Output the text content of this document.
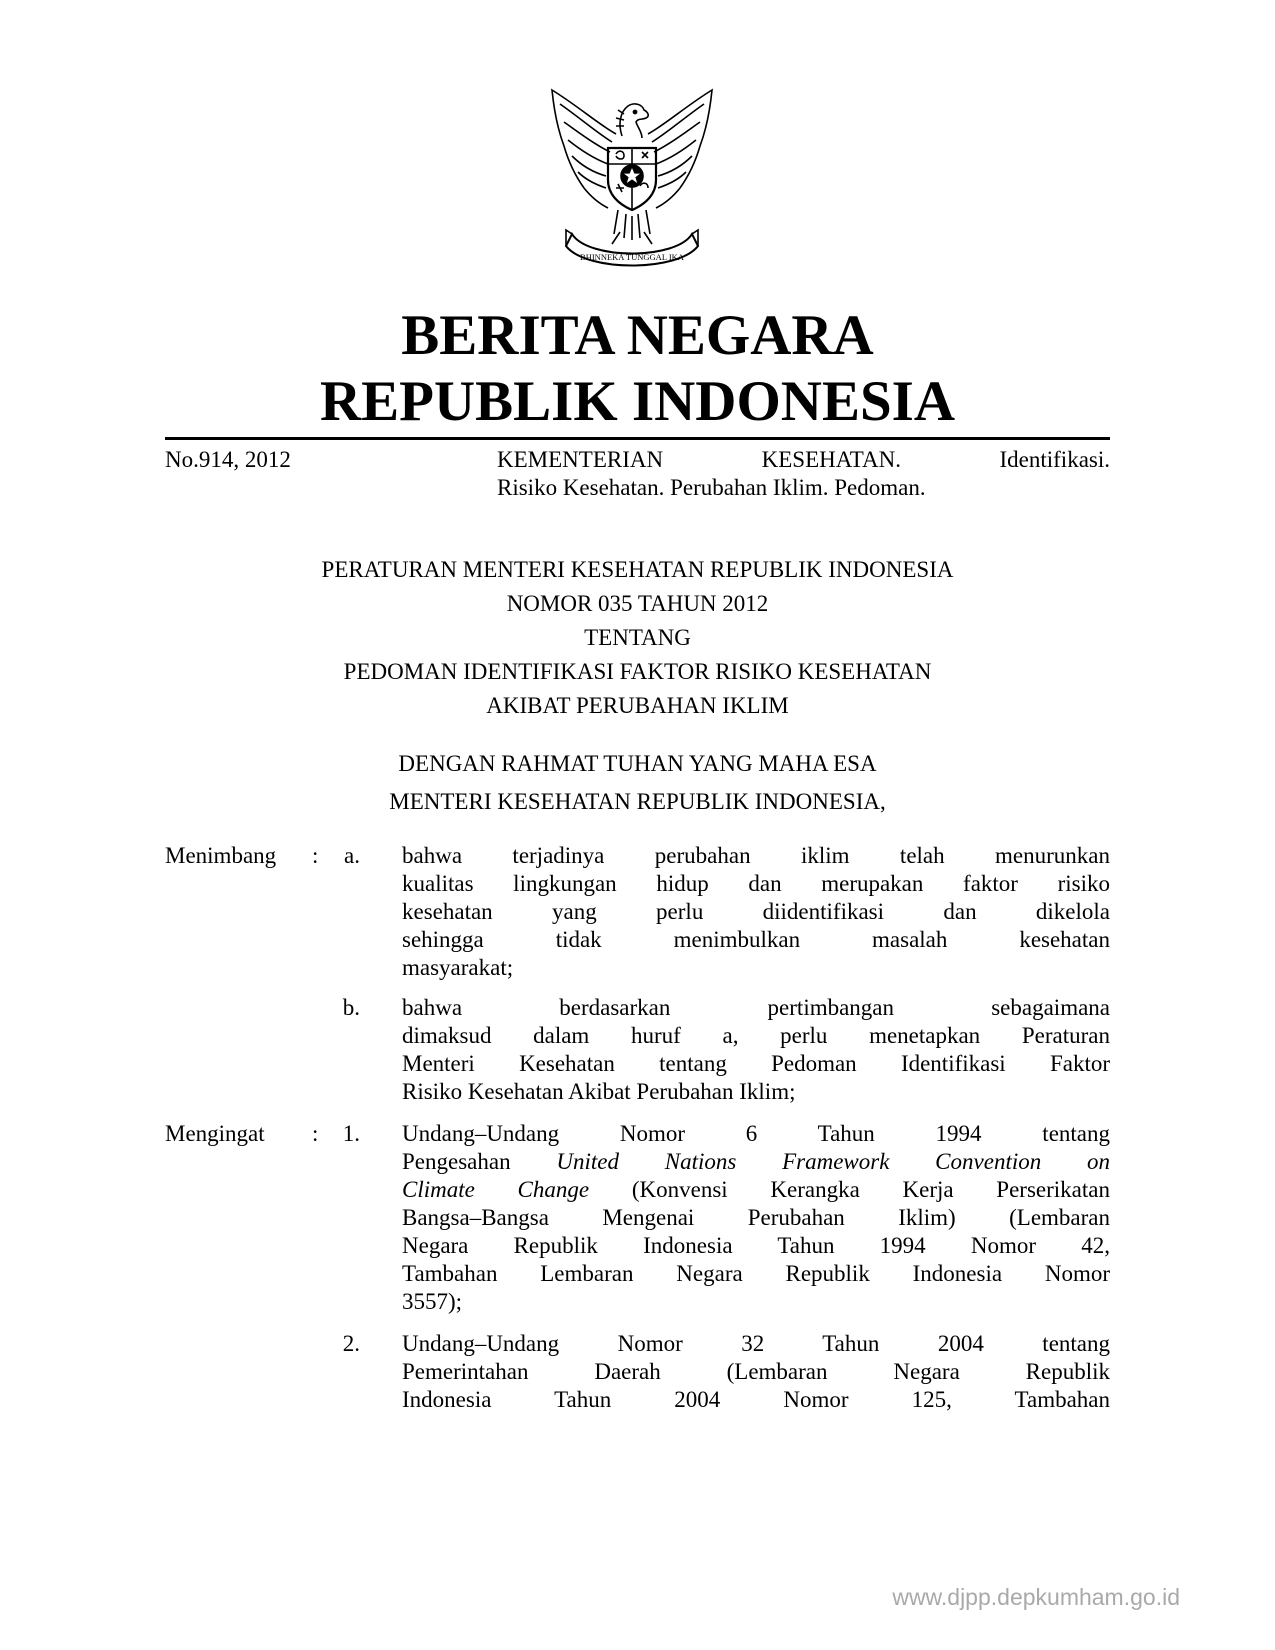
BHINNEKA TUNGGAL IKA
BERITA NEGARA
REPUBLIK INDONESIA
No.914, 2012	KEMENTERIAN KESEHATAN. Identifikasi.
Risiko Kesehatan. Perubahan Iklim. Pedoman.
PERATURAN MENTERI KESEHATAN REPUBLIK INDONESIA
NOMOR 035 TAHUN 2012
TENTANG
PEDOMAN IDENTIFIKASI FAKTOR RISIKO KESEHATAN
AKIBAT PERUBAHAN IKLIM
DENGAN RAHMAT TUHAN YANG MAHA ESA
MENTERI KESEHATAN REPUBLIK INDONESIA,
Menimbang :	a. bahwa terjadinya perubahan iklim telah menurunkan
kualitas lingkungan hidup dan merupakan faktor risiko
kesehatan yang perlu diidentifikasi dan dikelola
sehingga tidak menimbulkan masalah kesehatan
masyarakat;
b. bahwa berdasarkan pertimbangan sebagaimana
dimaksud dalam huruf a, perlu menetapkan Peraturan
Menteri Kesehatan tentang Pedoman Identifikasi Faktor
Risiko Kesehatan Akibat Perubahan Iklim;
Mengingat :	1. Undang–Undang Nomor 6 Tahun 1994 tentang
Pengesahan United Nations Framework Convention on
Climate Change (Konvensi Kerangka Kerja Perserikatan
Bangsa–Bangsa Mengenai Perubahan Iklim) (Lembaran
Negara Republik Indonesia Tahun 1994 Nomor 42,
Tambahan Lembaran Negara Republik Indonesia Nomor
3557);
2. Undang–Undang Nomor 32 Tahun 2004 tentang
Pemerintahan Daerah (Lembaran Negara Republik
Indonesia Tahun 2004 Nomor 125, Tambahan
www.djpp.depkumham.go.id
